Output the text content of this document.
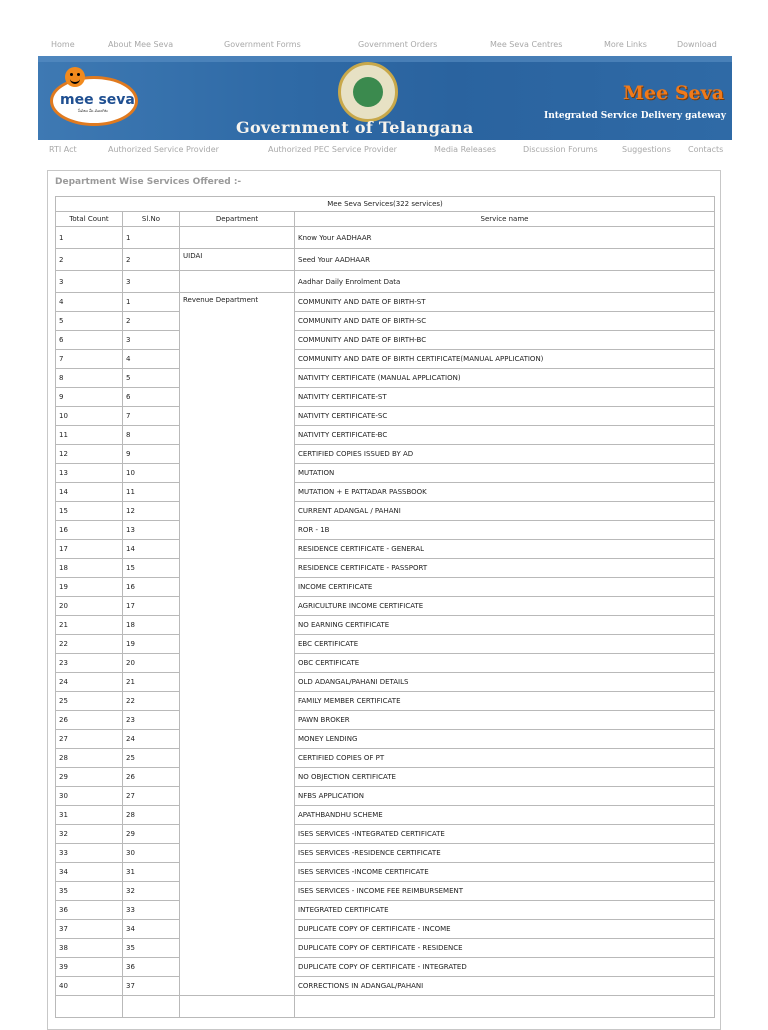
Home	About Mee Seva	Government Forms	Government Orders	Mee Seva Centres	More Links	Download
mee seva
సేవలు మీ ముంగిట
Government of Telangana
Mee Seva
Integrated Service Delivery gateway
RTI Act	Authorized Service Provider	Authorized PEC Service Provider	Media Releases	Discussion Forums	Suggestions Contacts
Department Wise Services Offered :-
Mee Seva Services(322 services)			
Total Count	Sl.No	Department	Service name
1	1		Know Your AADHAAR
2	2	UIDAI	Seed Your AADHAAR
3	3		Aadhar Daily Enrolment Data
4	1	Revenue Department	COMMUNITY AND DATE OF BIRTH-ST
5	2		COMMUNITY AND DATE OF BIRTH-SC
6	3		COMMUNITY AND DATE OF BIRTH-BC
7	4		COMMUNITY AND DATE OF BIRTH CERTIFICATE(MANUAL APPLICATION)
8	5		NATIVITY CERTIFICATE (MANUAL APPLICATION)
9	6		NATIVITY CERTIFICATE-ST
10	7		NATIVITY CERTIFICATE-SC
11	8		NATIVITY CERTIFICATE-BC
12	9		CERTIFIED COPIES ISSUED BY AD
13	10		MUTATION
14	11		MUTATION + E PATTADAR PASSBOOK
15	12		CURRENT ADANGAL / PAHANI
16	13		ROR - 1B
17	14		RESIDENCE CERTIFICATE - GENERAL
18	15		RESIDENCE CERTIFICATE - PASSPORT
19	16		INCOME CERTIFICATE
20	17		AGRICULTURE INCOME CERTIFICATE
21	18		NO EARNING CERTIFICATE
22	19		EBC CERTIFICATE
23	20		OBC CERTIFICATE
24	21		OLD ADANGAL/PAHANI DETAILS
25	22		FAMILY MEMBER CERTIFICATE
26	23		PAWN BROKER
27	24		MONEY LENDING
28	25		CERTIFIED COPIES OF PT
29	26		NO OBJECTION CERTIFICATE
30	27		NFBS APPLICATION
31	28		APATHBANDHU SCHEME
32	29		ISES SERVICES -INTEGRATED CERTIFICATE
33	30		ISES SERVICES -RESIDENCE CERTIFICATE
34	31		ISES SERVICES -INCOME CERTIFICATE
35	32		ISES SERVICES - INCOME FEE REIMBURSEMENT
36	33		INTEGRATED CERTIFICATE
37	34		DUPLICATE COPY OF CERTIFICATE - INCOME
38	35		DUPLICATE COPY OF CERTIFICATE - RESIDENCE
39	36		DUPLICATE COPY OF CERTIFICATE - INTEGRATED
40	37		CORRECTIONS IN ADANGAL/PAHANI
